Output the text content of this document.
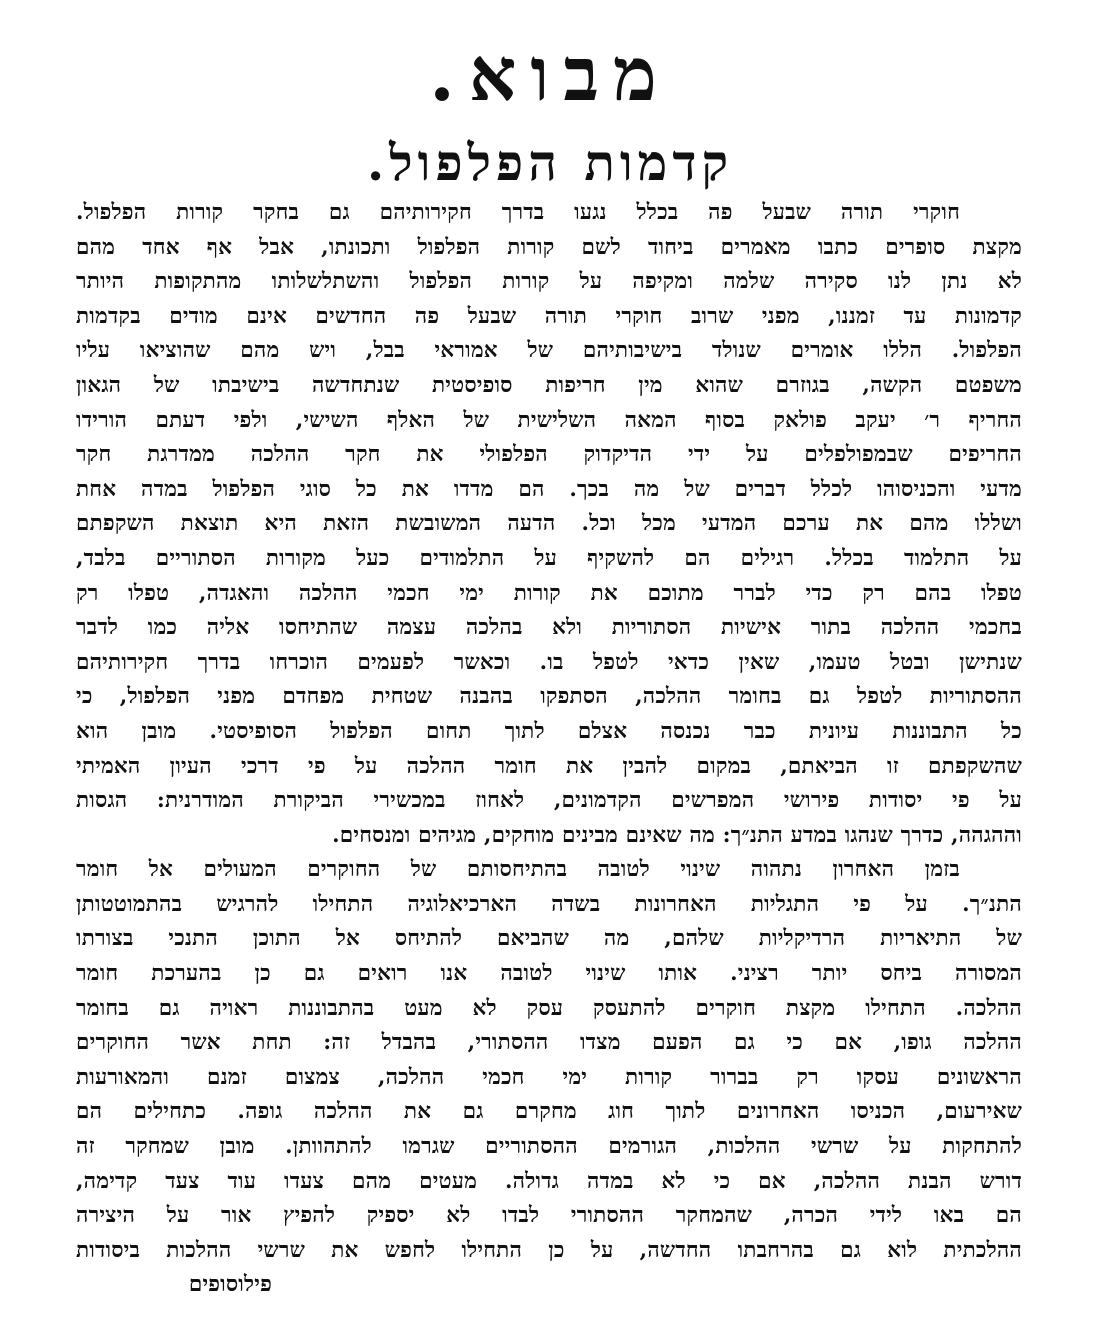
מבוא.
קדמות הפלפול.
חוקרי תורה שבעל פה בכלל נגעו בדרך חקירותיהם גם בחקר קורות הפלפול.
מקצת סופרים כתבו מאמרים ביחוד לשם קורות הפלפול ותכונתו, אבל אף אחד מהם
לא נתן לנו סקירה שלמה ומקיפה על קורות הפלפול והשתלשלותו מהתקופות היותר
קדמונות עד זמננו, מפני שרוב חוקרי תורה שבעל פה החדשים אינם מודים בקדמות
הפלפול. הללו אומרים שנולד בישיבותיהם של אמוראי בבל, ויש מהם שהוציאו עליו
משפטם הקשה, בגוזרם שהוא מין חריפות סופיסטית שנתחדשה בישיבתו של הגאון
החריף ר׳ יעקב פולאק בסוף המאה השלישית של האלף השישי, ולפי דעתם הורידו
החריפים שבמפולפלים על ידי הדיקדוק הפלפולי את חקר ההלכה ממדרגת חקר
מדעי והכניסוהו לכלל דברים של מה בכך. הם מדדו את כל סוגי הפלפול במדה אחת
ושללו מהם את ערכם המדעי מכל וכל. הדעה המשובשת הזאת היא תוצאת השקפתם
על התלמוד בכלל. רגילים הם להשקיף על התלמודים כעל מקורות הסתוריים בלבד,
טפלו בהם רק כדי לברר מתוכם את קורות ימי חכמי ההלכה והאגדה, טפלו רק
בחכמי ההלכה בתור אישיות הסתוריות ולא בהלכה עצמה שהתיחסו אליה כמו לדבר
שנתישן ובטל טעמו, שאין כדאי לטפל בו. וכאשר לפעמים הוכרחו בדרך חקירותיהם
ההסתוריות לטפל גם בחומר ההלכה, הסתפקו בהבנה שטחית מפחדם מפני הפלפול, כי
כל התבוננות עיונית כבר נכנסה אצלם לתוך תחום הפלפול הסופיסטי. מובן הוא
שהשקפתם זו הביאתם, במקום להבין את חומר ההלכה על פי דרכי העיון האמיתי
על פי יסודות פירושי המפרשים הקדמונים, לאחוז במכשירי הביקורת המודרנית: הגסות
וההגהה, כדרך שנהגו במדע התנ״ך: מה שאינם מבינים מוחקים, מגיהים ומנסחים.
בזמן האחרון נתהוה שינוי לטובה בהתיחסותם של החוקרים המעולים אל חומר
התנ״ך. על פי התגליות האחרונות בשדה הארכיאלוגיה התחילו להרגיש בהתמוטטותן
של התיאריות הרדיקליות שלהם, מה שהביאם להתיחס אל התוכן התנכי בצורתו
המסורה ביחס יותר רציני. אותו שינוי לטובה אנו רואים גם כן בהערכת חומר
ההלכה. התחילו מקצת חוקרים להתעסק עסק לא מעט בהתבוננות ראויה גם בחומר
ההלכה גופו, אם כי גם הפעם מצדו ההסתורי, בהבדל זה: תחת אשר החוקרים
הראשונים עסקו רק בברור קורות ימי חכמי ההלכה, צמצום זמנם והמאורעות
שאירעום, הכניסו האחרונים לתוך חוג מחקרם גם את ההלכה גופה. כתחילים הם
להתחקות על שרשי ההלכות, הגורמים ההסתוריים שגרמו להתהוותן. מובן שמחקר זה
דורש הבנת ההלכה, אם כי לא במדה גדולה. מעטים מהם צעדו עוד צעד קדימה,
הם באו לידי הכרה, שהמחקר ההסתורי לבדו לא יספיק להפיץ אור על היצירה
ההלכתית לוא גם בהרחבתו החדשה, על כן התחילו לחפש את שרשי ההלכות ביסודות
פילוסופים
